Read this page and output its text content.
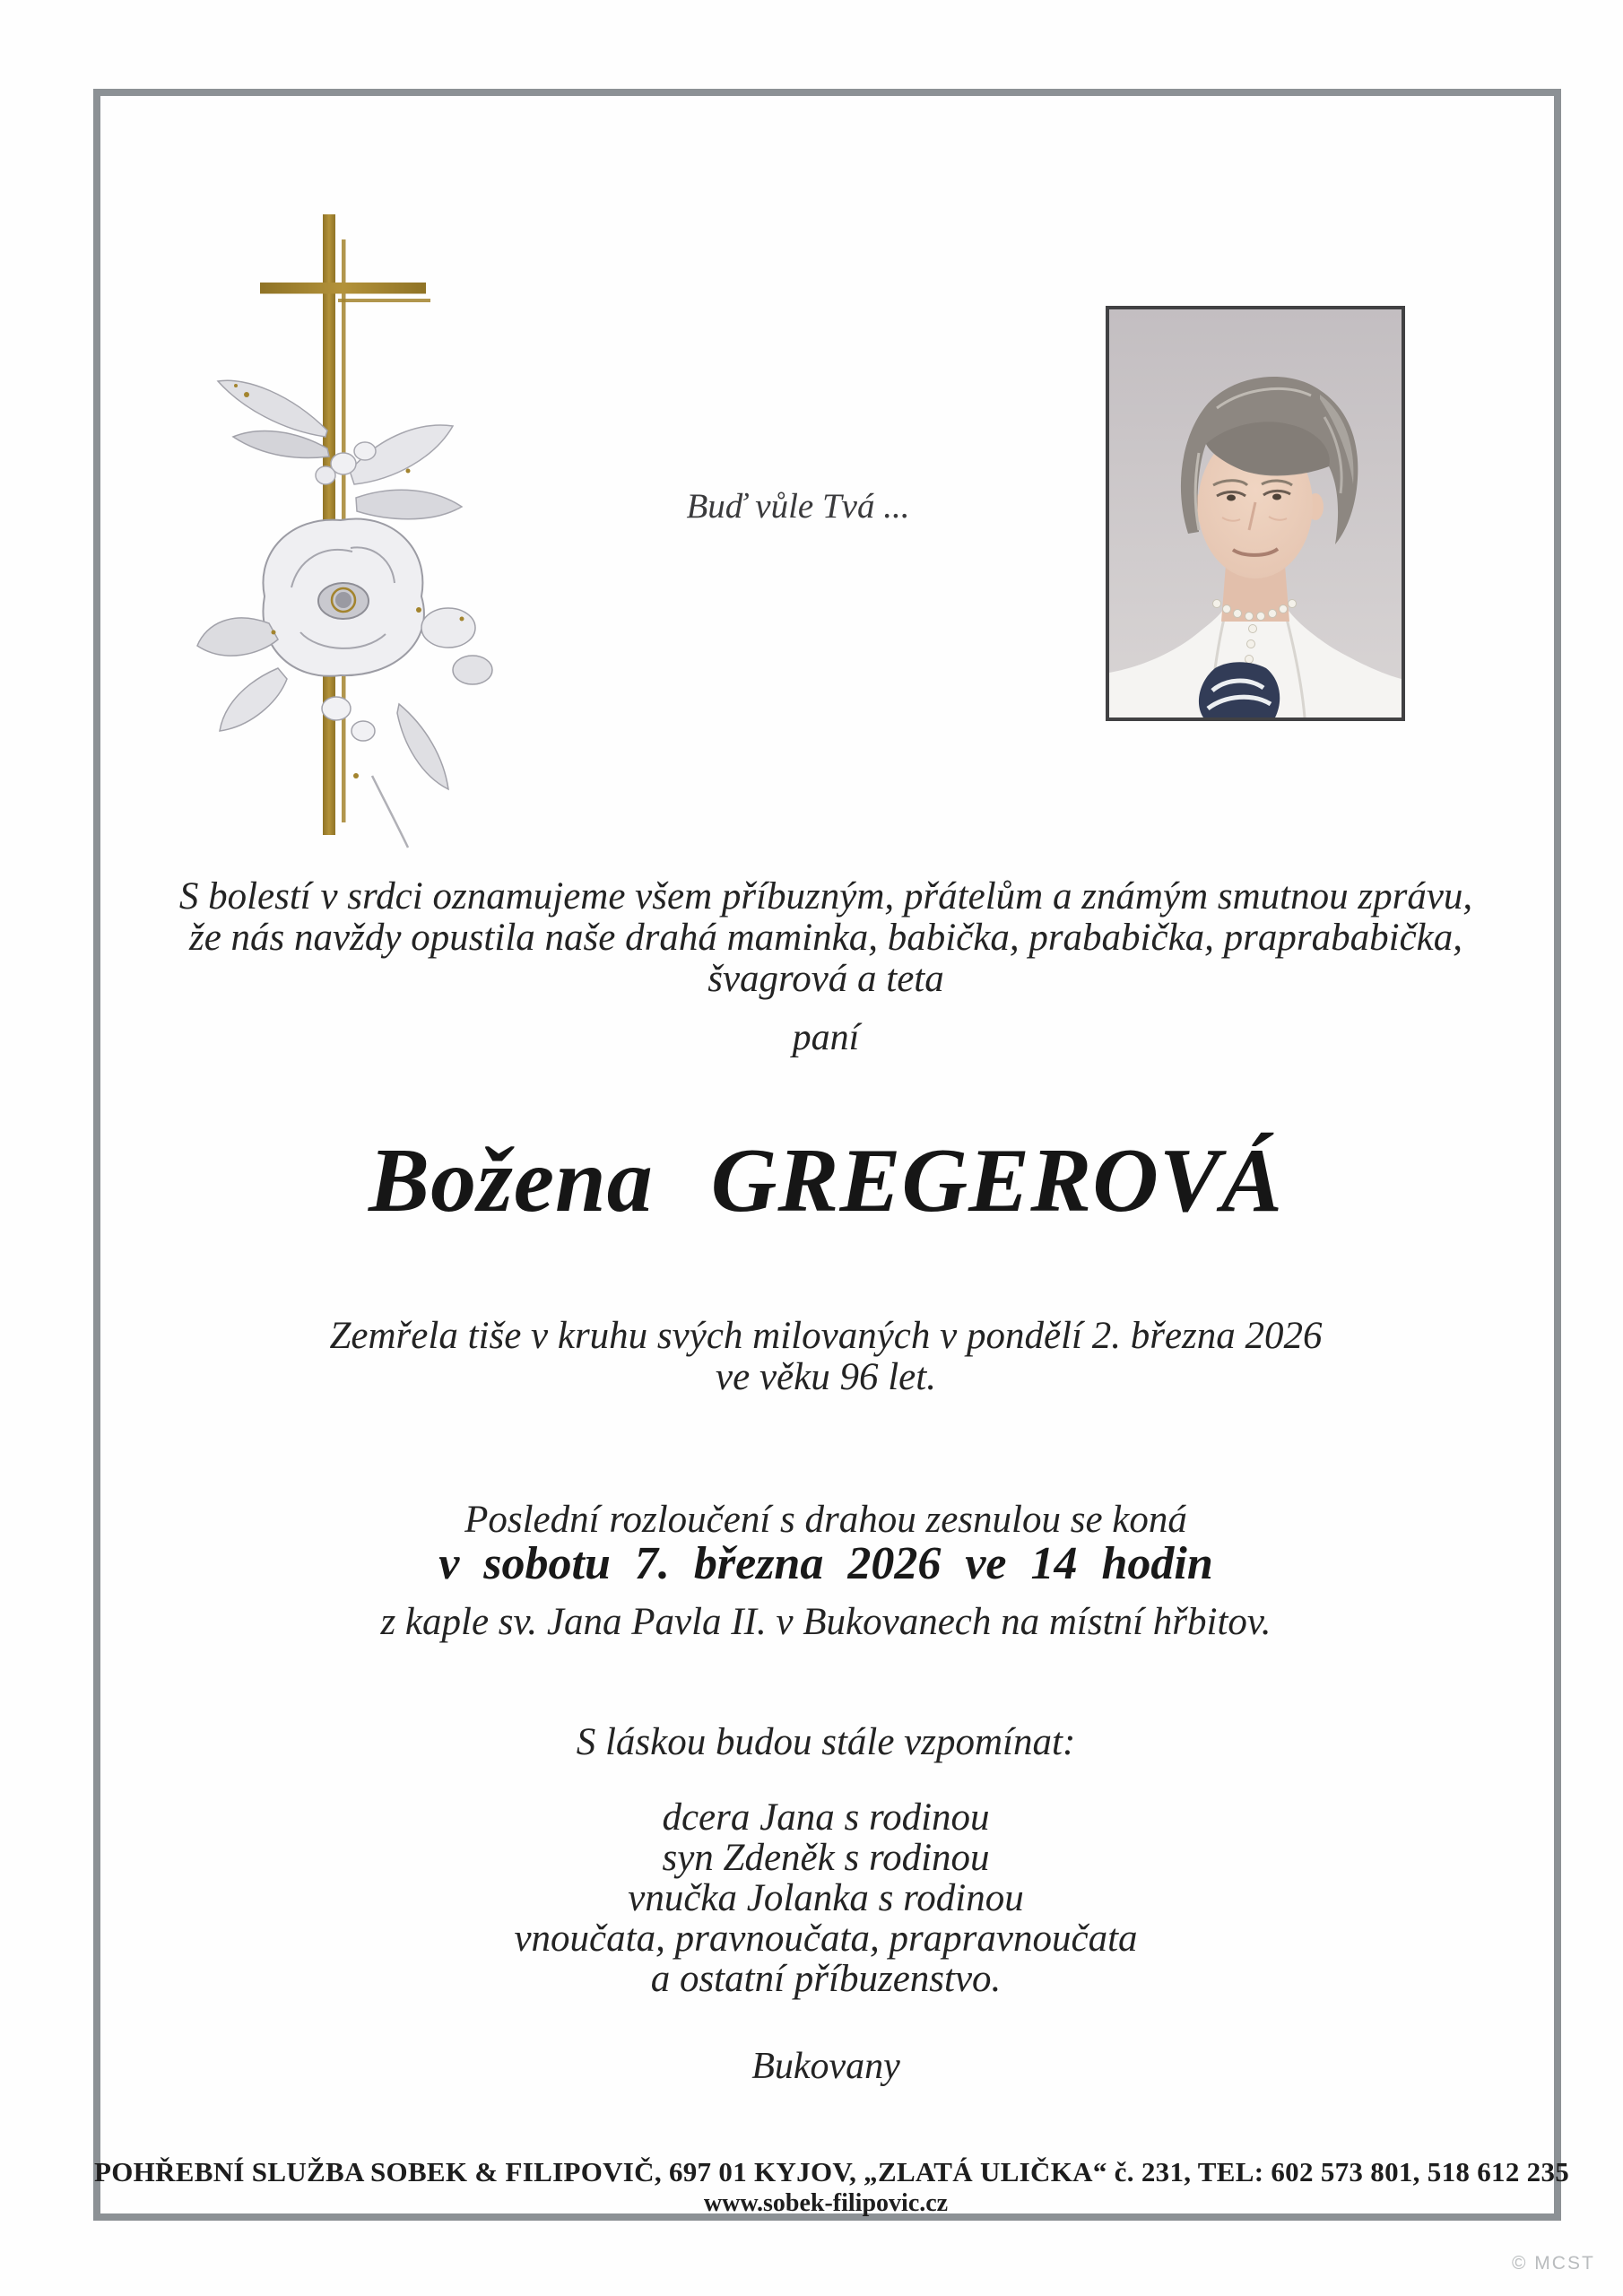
Buď vůle Tvá ...
S bolestí v srdci oznamujeme všem příbuzným, přátelům a známým smutnou zprávu,
že nás navždy opustila naše drahá maminka, babička, prababička, praprababička,
švagrová a teta
paní
Božena GREGEROVÁ
Zemřela tiše v kruhu svých milovaných v pondělí 2. března 2026
ve věku 96 let.
Poslední rozloučení s drahou zesnulou se koná
v sobotu 7. března 2026 ve 14 hodin
z kaple sv. Jana Pavla II. v Bukovanech na místní hřbitov.
S láskou budou stále vzpomínat:
dcera Jana s rodinou
syn Zdeněk s rodinou
vnučka Jolanka s rodinou
vnoučata, pravnoučata, prapravnoučata
a ostatní příbuzenstvo.
Bukovany
POHŘEBNÍ SLUŽBA SOBEK & FILIPOVIČ, 697 01 KYJOV, „ZLATÁ ULIČKA“ č. 231, TEL: 602 573 801, 518 612 235
www.sobek-filipovic.cz
© MCST
